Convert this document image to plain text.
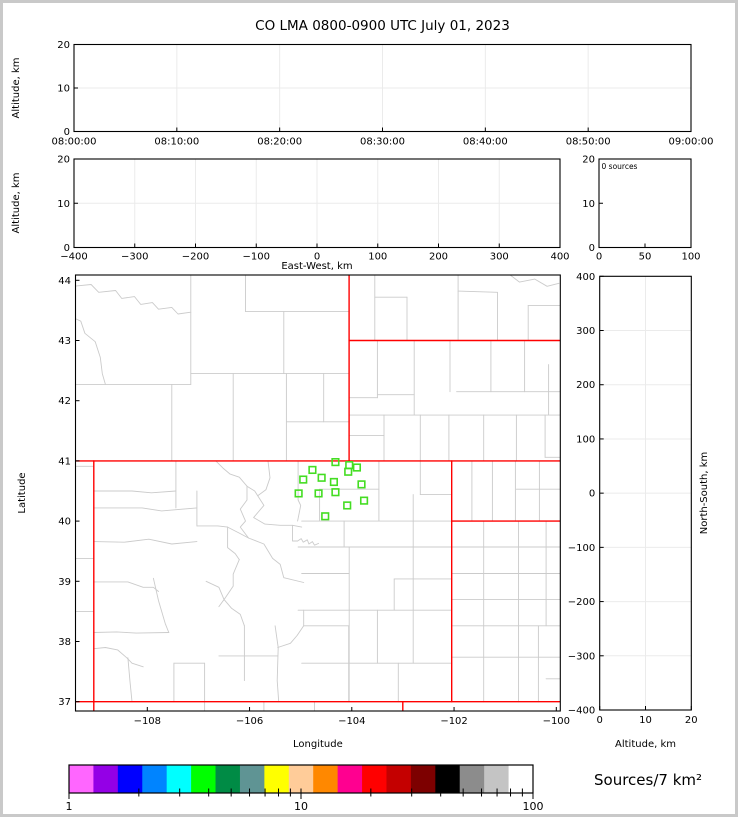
08:00:00	08:10:00	08:20:00	08:30:00	08:40:00	08:50:00	09:00:00
0
10
20
−400	−300	−200	−100	0	100	200	300	400
0
10
20
0	50	100
0
10
20
−108	−106	−104	−102	−100
44
43
42
41
40
39
38
37
400
300
200
100
0
−100
−200
−300
−400
0	10	20
1	10	100
CO LMA 0800-0900 UTC July 01, 2023
Altitude, km
Altitude, km
East-West, km
0 sources
Latitude
Longitude
North-South, km
Altitude, km
Sources/7 km²
